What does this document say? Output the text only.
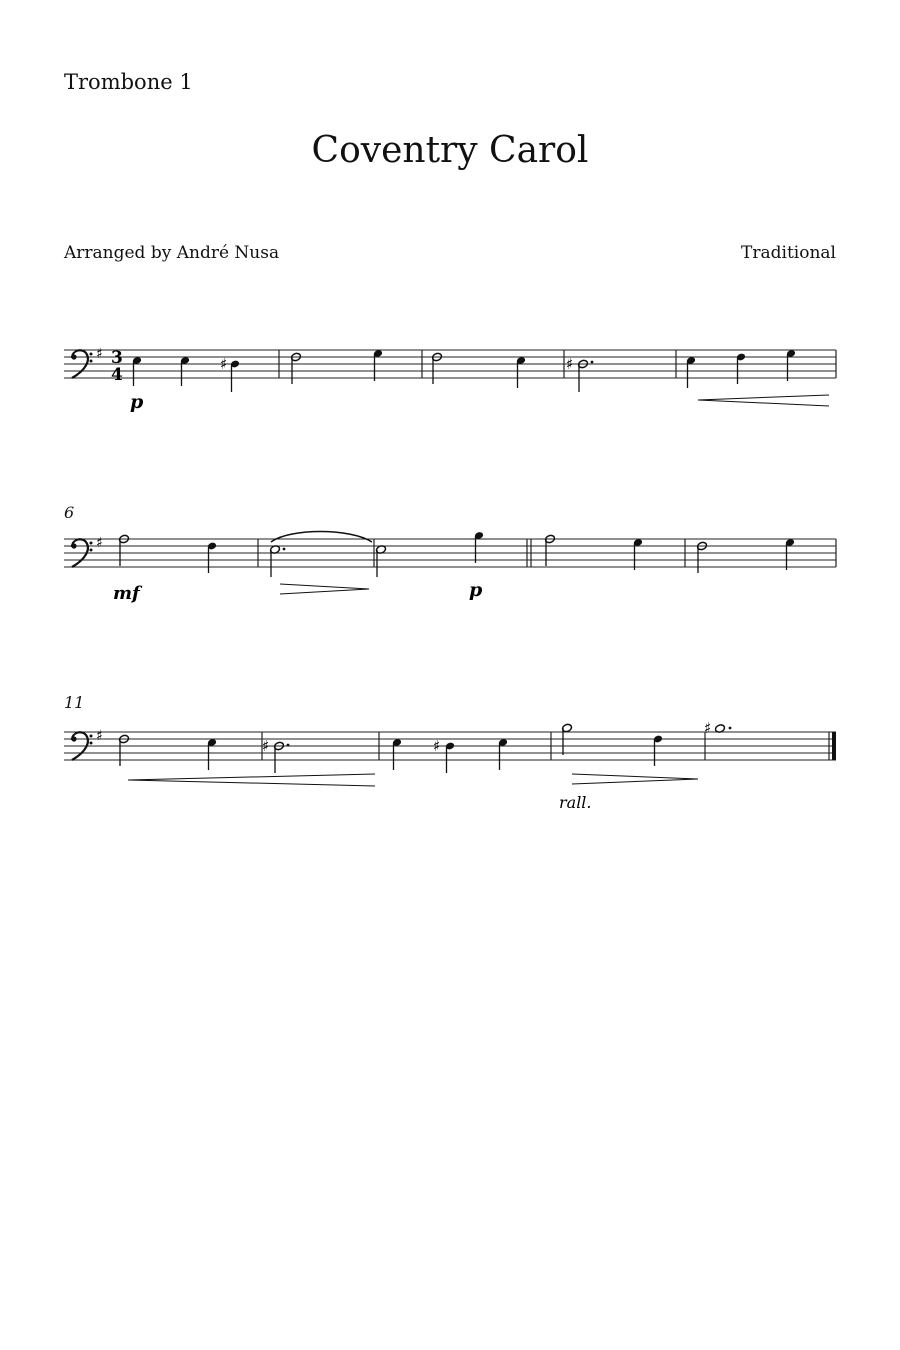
Trombone 1
Coventry Carol
Arranged by André Nusa	Traditional
6
11
♯ 3
4
♯
p
♯
♯
mf	p
♯
♯	♯
rall.
♯
